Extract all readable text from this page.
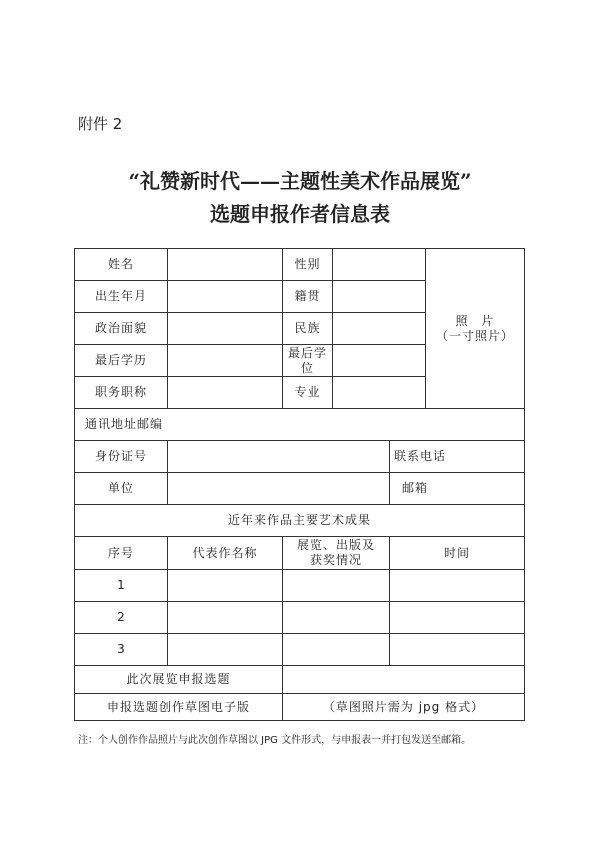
附件 2
“礼赞新时代——主题性美术作品展览”
选题申报作者信息表
姓名		性别			照　片
（一寸照片）

出生年月		籍贯			
政治面貌		民族			
最后学历		最后学位			
职务职称		专业			
通讯地址邮编					
身份证号				联系电话	
单位				邮箱	
近年来作品主要艺术成果					
序号	代表作名称	展览、出版及获奖情况		时间	
1					
2					
3					
此次展览申报选题					
申报选题创作草图电子版		（草图照片需为 jpg 格式）			
注：个人创作作品照片与此次创作草图以 JPG 文件形式，与申报表一并打包发送至邮箱。
